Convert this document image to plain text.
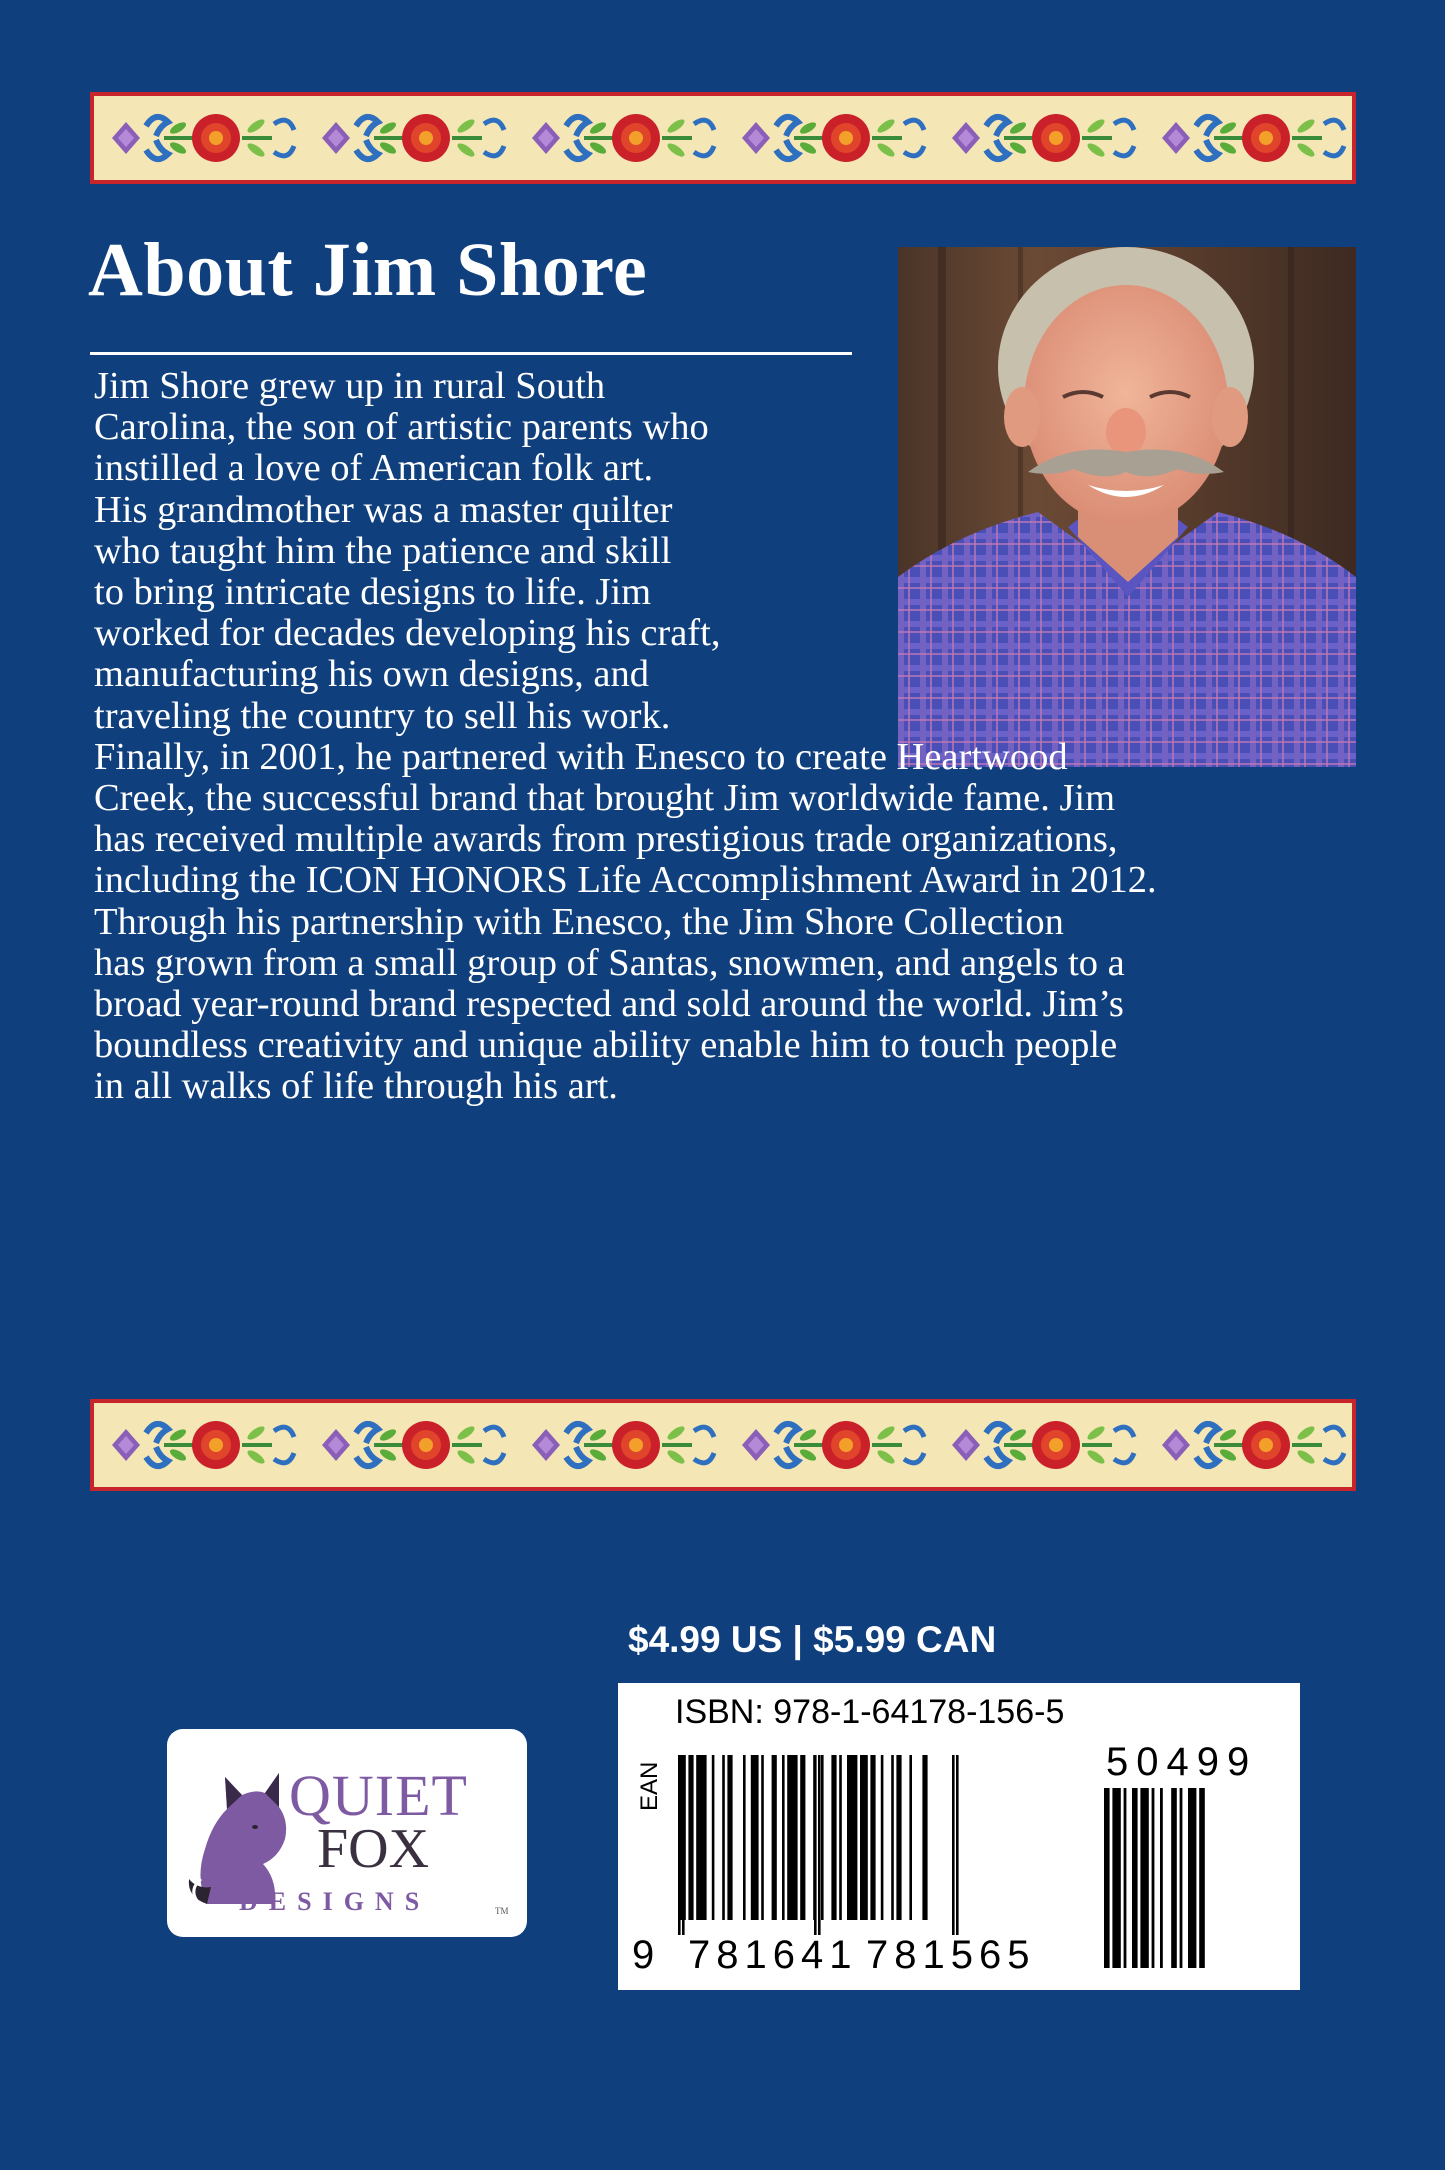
About Jim Shore

Jim Shore grew up in rural South
Carolina, the son of artistic parents who
instilled a love of American folk art.
His grandmother was a master quilter
who taught him the patience and skill
to bring intricate designs to life. Jim
worked for decades developing his craft,
manufacturing his own designs, and
traveling the country to sell his work.
Finally, in 2001, he partnered with Enesco to create Heartwood
Creek, the successful brand that brought Jim worldwide fame. Jim
has received multiple awards from prestigious trade organizations,
including the ICON HONORS Life Accomplishment Award in 2012.
Through his partnership with Enesco, the Jim Shore Collection
has grown from a small group of Santas, snowmen, and angels to a
broad year-round brand respected and sold around the world. Jim’s
boundless creativity and unique ability enable him to touch people
in all walks of life through his art.

$4.99 US | $5.99 CAN
QUIET
FOX
DESIGNS	TM
ISBN: 978-1-64178-156-5
EAN
9 781641 781565
50499
